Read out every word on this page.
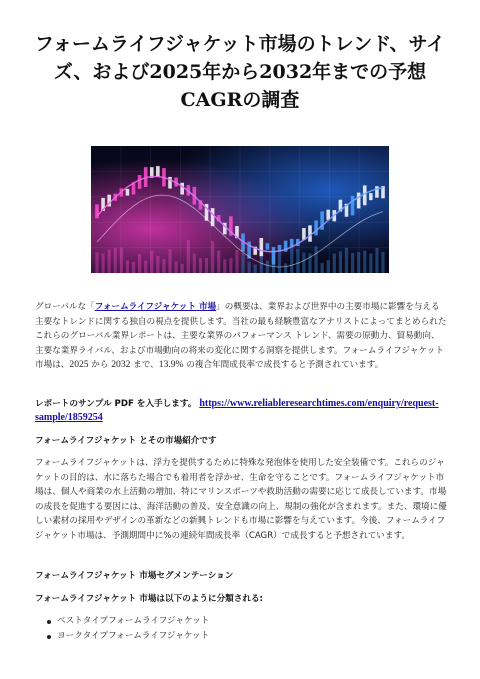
フォームライフジャケット市場のトレンド、サイズ、および2025年から2032年までの予想CAGRの調査

グローバルな「フォームライフジャケット 市場」の概要は、業界および世界中の主要市場に影響を与える主要なトレンドに関する独自の視点を提供します。当社の最も経験豊富なアナリストによってまとめられたこれらのグローバル業界レポートは、主要な業界のパフォーマンス トレンド、需要の原動力、貿易動向、主要な業界ライバル、および市場動向の将来の変化に関する洞察を提供します。フォームライフジャケット 市場は、2025 から 2032 まで、13.9% の複合年間成長率で成長すると予測されています。

レポートのサンプル PDF を入手します。 https://www.reliableresearchtimes.com/enquiry/request-sample/1859254

フォームライフジャケット とその市場紹介です

フォームライフジャケットは、浮力を提供するために特殊な発泡体を使用した安全装備です。これらのジャケットの目的は、水に落ちた場合でも着用者を浮かせ、生命を守ることです。フォームライフジャケット市場は、個人や商業の水上活動の増加、特にマリンスポーツや救助活動の需要に応じて成長しています。市場の成長を促進する要因には、海洋活動の普及、安全意識の向上、規制の強化が含まれます。また、環境に優しい素材の採用やデザインの革新などの新興トレンドも市場に影響を与えています。今後、フォームライフジャケット市場は、予測期間中に%の連続年間成長率（CAGR）で成長すると予想されています。

フォームライフジャケット 市場セグメンテーション

フォームライフジャケット 市場は以下のように分類される:

ベストタイプフォームライフジャケット
ヨークタイプフォームライフジャケット
